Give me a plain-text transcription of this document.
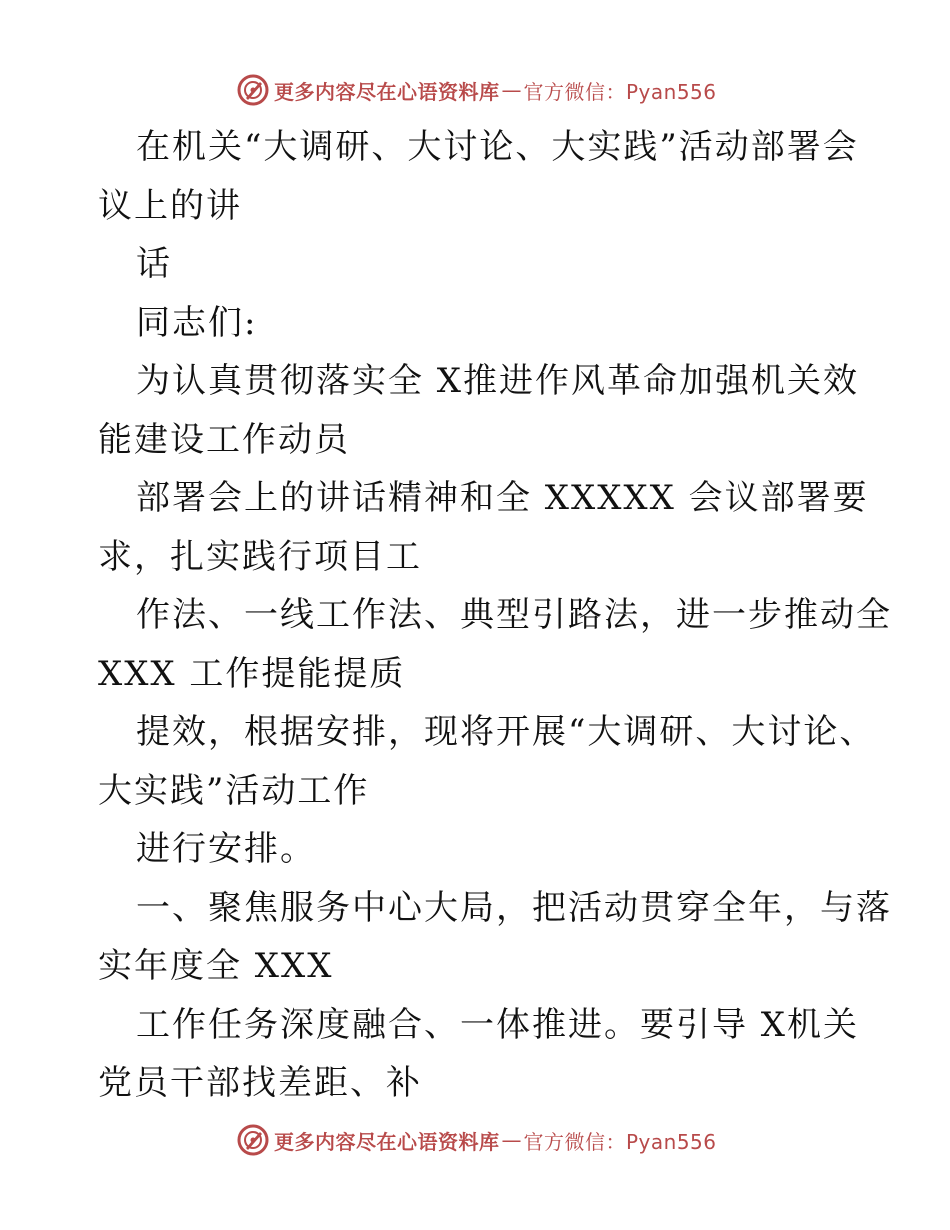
更多内容尽在心语资料库 — 官方微信：Pyan556
在机关“大调研、大讨论、大实践”活动部署会
议上的讲
话
同志们:
为认真贯彻落实全 X推进作风革命加强机关效
能建设工作动员
部署会上的讲话精神和全 XXXXX 会议部署要
求，扎实践行项目工
作法、一线工作法、典型引路法，进一步推动全
XXX 工作提能提质
提效，根据安排，现将开展“大调研、大讨论、
大实践”活动工作
进行安排。
一、聚焦服务中心大局，把活动贯穿全年，与落
实年度全 XXX
工作任务深度融合、一体推进。要引导 X机关
党员干部找差距、补
更多内容尽在心语资料库 — 官方微信：Pyan556
